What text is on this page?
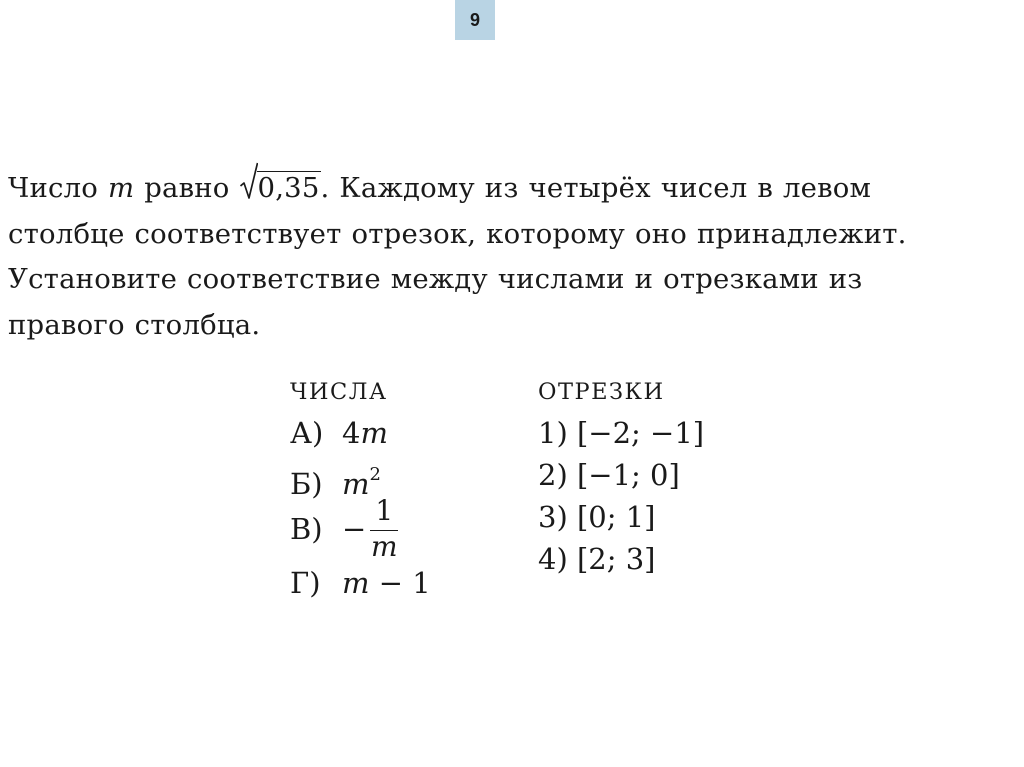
9

Число m равно
0,35. Каждому из четырёх чисел в левом

столбце соответствует отрезок, которому оно принадлежит.

Установите соответствие между числами и отрезками из

правого столбца.

ЧИСЛА
А) 4m
Б) $m^2$
$В) - \frac{1}{m}$
Г) m − 1
ОТРЕЗКИ
1) [−2; −1]
2) [−1; 0]
3) [0; 1]
4) [2; 3]
